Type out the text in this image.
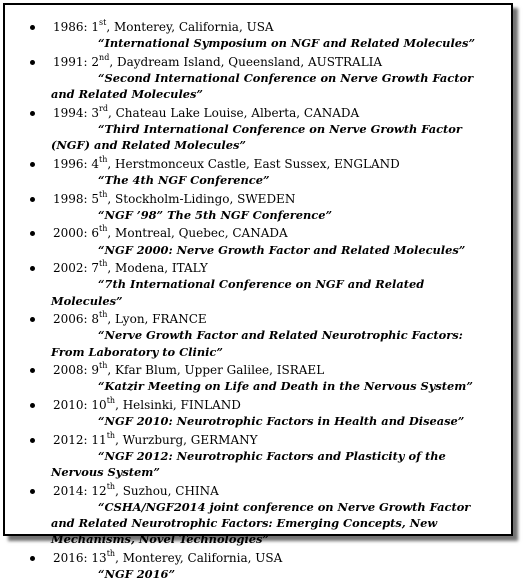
1986: 1st, Monterey, California, USA
“International Symposium on NGF and Related Molecules”
1991: 2nd, Daydream Island, Queensland, AUSTRALIA
“Second International Conference on Nerve Growth Factor and Related Molecules”
1994: 3rd, Chateau Lake Louise, Alberta, CANADA
“Third International Conference on Nerve Growth Factor (NGF) and Related Molecules”
1996: 4th, Herstmonceux Castle, East Sussex, ENGLAND
“The 4th NGF Conference”
1998: 5th, Stockholm-Lidingo, SWEDEN
“NGF ’98” The 5th NGF Conference”
2000: 6th, Montreal, Quebec, CANADA
“NGF 2000: Nerve Growth Factor and Related Molecules”
2002: 7th, Modena, ITALY
“7th International Conference on NGF and Related Molecules”
2006: 8th, Lyon, FRANCE
“Nerve Growth Factor and Related Neurotrophic Factors: From Laboratory to Clinic”
2008: 9th, Kfar Blum, Upper Galilee, ISRAEL
“Katzir Meeting on Life and Death in the Nervous System”
2010: 10th, Helsinki, FINLAND
“NGF 2010: Neurotrophic Factors in Health and Disease”
2012: 11th, Wurzburg, GERMANY
“NGF 2012: Neurotrophic Factors and Plasticity of the Nervous System”
2014: 12th, Suzhou, CHINA
“CSHA/NGF2014 joint conference on Nerve Growth Factor and Related Neurotrophic Factors: Emerging Concepts, New Mechanisms, Novel Technologies”
2016: 13th, Monterey, California, USA
“NGF 2016”
